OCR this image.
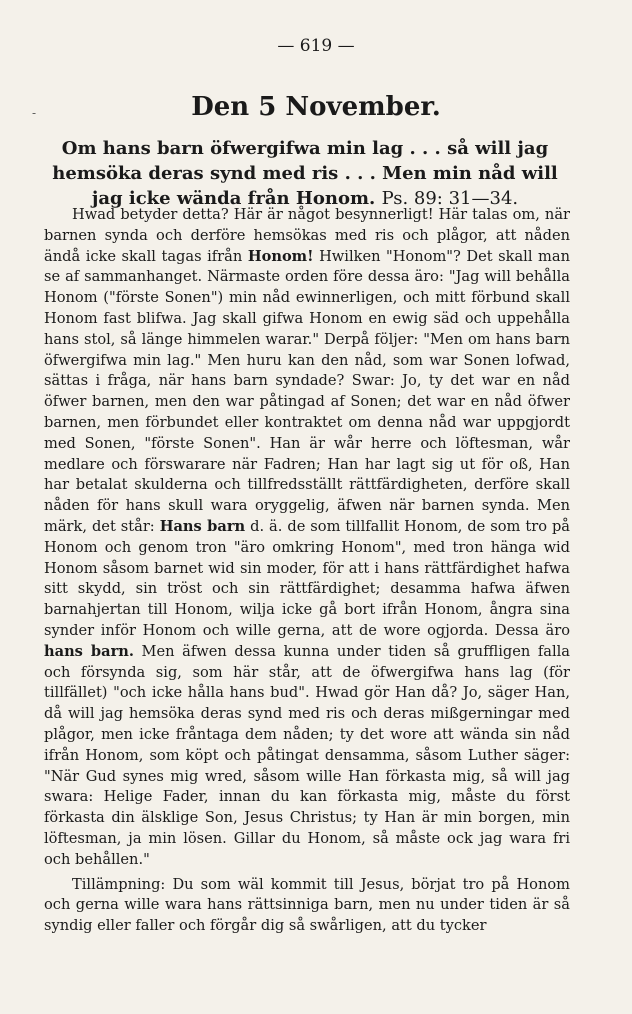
-
— 619 —
Den 5 November.
Om hans barn öfwergifwa min lag . . . så will jag hemsöka deras synd med ris . . . Men min nåd will jag icke wända från Honom. Ps. 89: 31—34.

Hwad betyder detta? Här är något besynnerligt! Här talas om, när barnen synda och derföre hemsökas med ris och plågor, att nåden ändå icke skall tagas ifrån Honom! Hwilken "Honom"? Det skall man se af sammanhanget. Närmaste orden före dessa äro: "Jag will behålla Honom ("förste Sonen") min nåd ewinnerligen, och mitt förbund skall Honom fast blifwa. Jag skall gifwa Honom en ewig säd och uppehålla hans stol, så länge himmelen warar." Derpå följer: "Men om hans barn öfwergifwa min lag." Men huru kan den nåd, som war Sonen lofwad, sättas i fråga, när hans barn syndade? Swar: Jo, ty det war en nåd öfwer barnen, men den war påtingad af Sonen; det war en nåd öfwer barnen, men förbundet eller kontraktet om denna nåd war uppgjordt med Sonen, "förste Sonen". Han är wår herre och löftesman, wår medlare och förswarare när Fadren; Han har lagt sig ut för oß, Han har betalat skulderna och tillfredsställt rättfärdigheten, derföre skall nåden för hans skull wara oryggelig, äfwen när barnen synda. Men märk, det står: Hans barn d. ä. de som tillfallit Honom, de som tro på Honom och genom tron "äro omkring Honom", med tron hänga wid Honom såsom barnet wid sin moder, för att i hans rättfärdighet hafwa sitt skydd, sin tröst och sin rättfärdighet; desamma hafwa äfwen barnahjertan till Honom, wilja icke gå bort ifrån Honom, ångra sina synder inför Honom och wille gerna, att de wore ogjorda. Dessa äro hans barn. Men äfwen dessa kunna under tiden så gruffligen falla och försynda sig, som här står, att de öfwergifwa hans lag (för tillfället) "och icke hålla hans bud". Hwad gör Han då? Jo, säger Han, då will jag hemsöka deras synd med ris och deras mißgerningar med plågor, men icke fråntaga dem nåden; ty det wore att wända sin nåd ifrån Honom, som köpt och påtingat densamma, såsom Luther säger: "När Gud synes mig wred, såsom wille Han förkasta mig, så will jag swara: Helige Fader, innan du kan förkasta mig, måste du först förkasta din älsklige Son, Jesus Christus; ty Han är min borgen, min löftesman, ja min lösen. Gillar du Honom, så måste ock jag wara fri och behållen."

Tillämpning: Du som wäl kommit till Jesus, börjat tro på Honom och gerna wille wara hans rättsinniga barn, men nu under tiden är så syndig eller faller och förgår dig så swårligen, att du tycker
